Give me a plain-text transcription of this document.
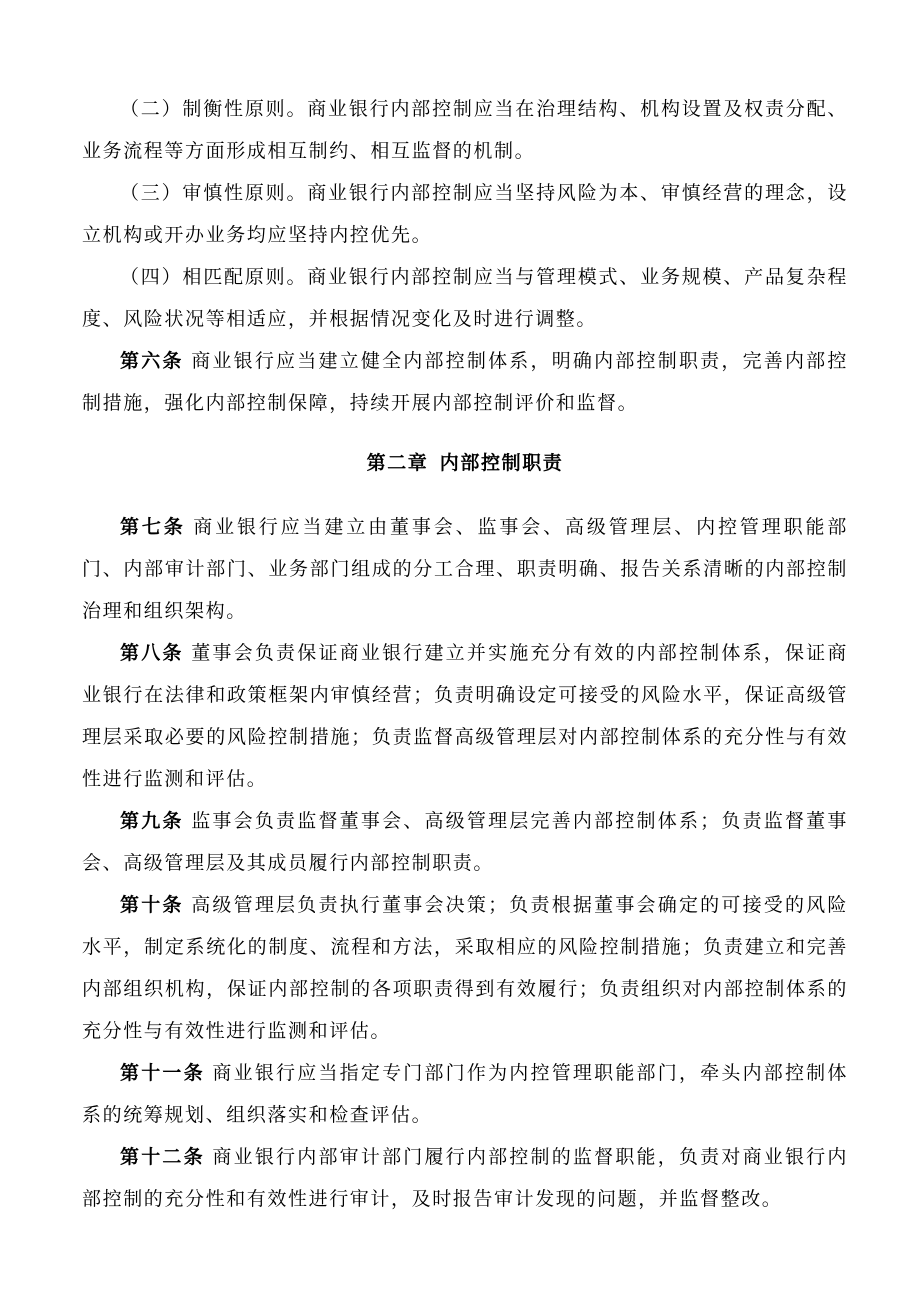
（二）制衡性原则。商业银行内部控制应当在治理结构、机构设置及权责分配、业务流程等方面形成相互制约、相互监督的机制。

（三）审慎性原则。商业银行内部控制应当坚持风险为本、审慎经营的理念，设立机构或开办业务均应坚持内控优先。

（四）相匹配原则。商业银行内部控制应当与管理模式、业务规模、产品复杂程度、风险状况等相适应，并根据情况变化及时进行调整。

第六条 商业银行应当建立健全内部控制体系，明确内部控制职责，完善内部控制措施，强化内部控制保障，持续开展内部控制评价和监督。

第二章 内部控制职责

第七条 商业银行应当建立由董事会、监事会、高级管理层、内控管理职能部门、内部审计部门、业务部门组成的分工合理、职责明确、报告关系清晰的内部控制治理和组织架构。

第八条 董事会负责保证商业银行建立并实施充分有效的内部控制体系，保证商业银行在法律和政策框架内审慎经营；负责明确设定可接受的风险水平，保证高级管理层采取必要的风险控制措施；负责监督高级管理层对内部控制体系的充分性与有效性进行监测和评估。

第九条 监事会负责监督董事会、高级管理层完善内部控制体系；负责监督董事会、高级管理层及其成员履行内部控制职责。

第十条 高级管理层负责执行董事会决策；负责根据董事会确定的可接受的风险水平，制定系统化的制度、流程和方法，采取相应的风险控制措施；负责建立和完善内部组织机构，保证内部控制的各项职责得到有效履行；负责组织对内部控制体系的充分性与有效性进行监测和评估。

第十一条 商业银行应当指定专门部门作为内控管理职能部门，牵头内部控制体系的统筹规划、组织落实和检查评估。

第十二条 商业银行内部审计部门履行内部控制的监督职能，负责对商业银行内部控制的充分性和有效性进行审计，及时报告审计发现的问题，并监督整改。
